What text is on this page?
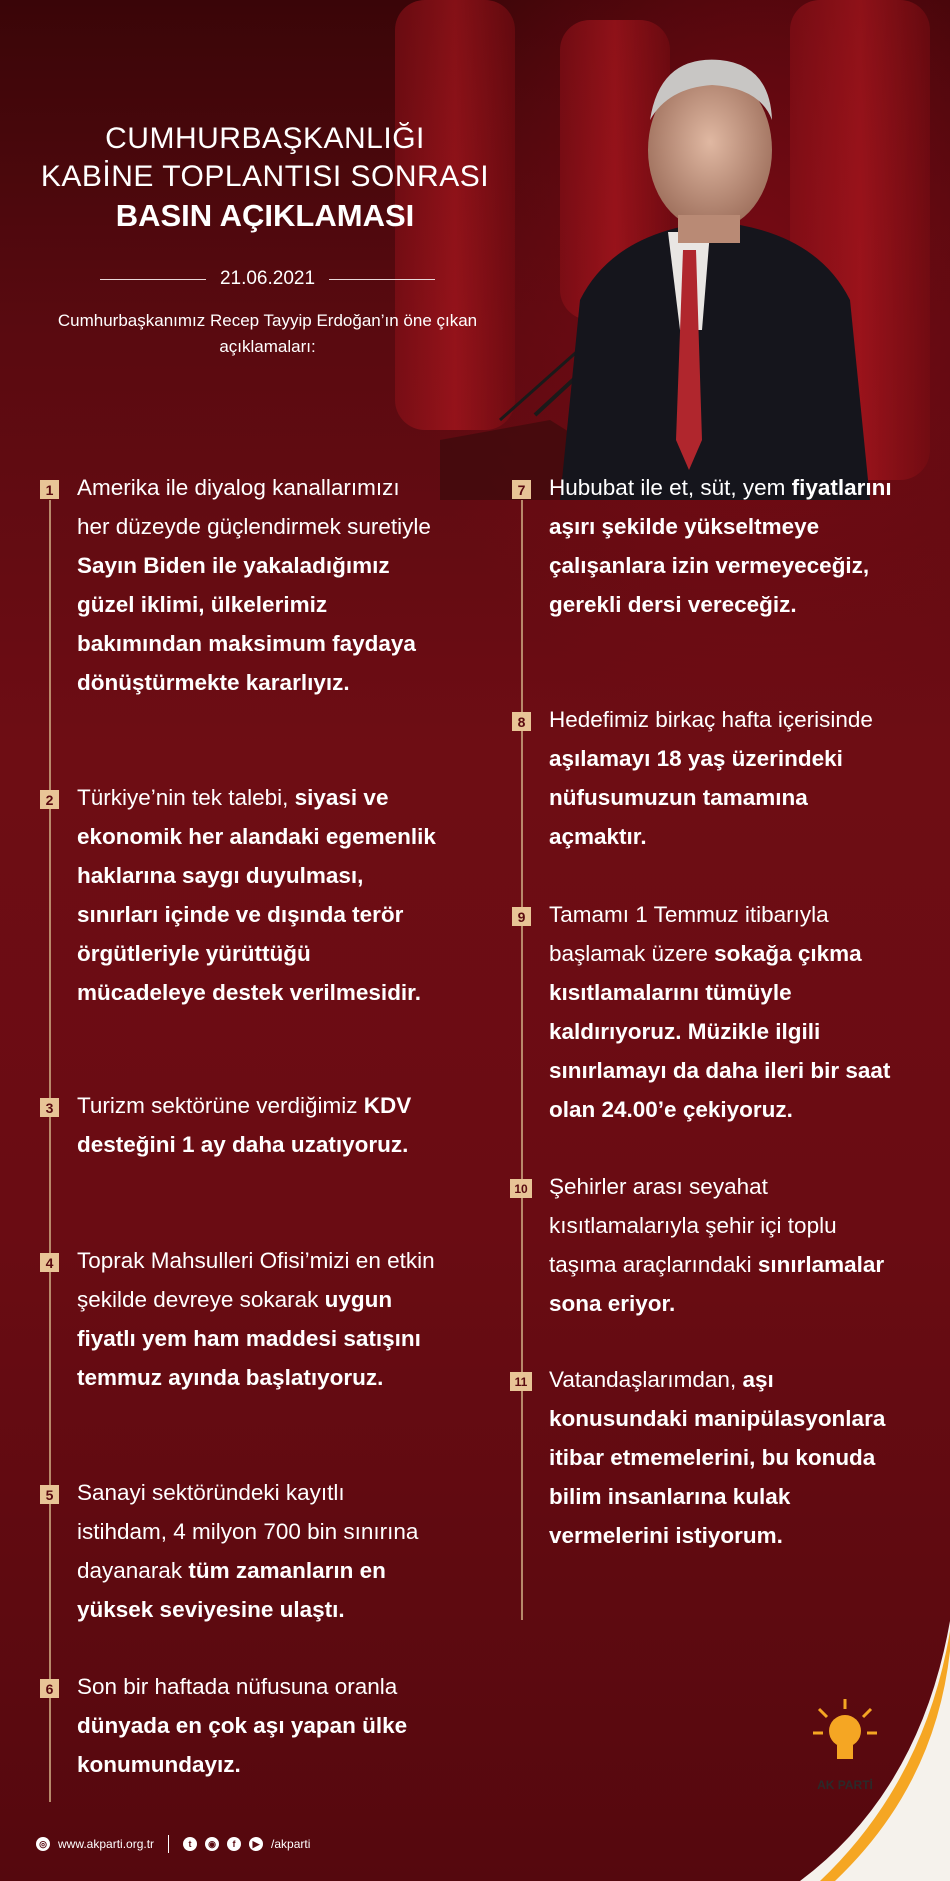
CUMHURBAŞKANLIĞI
KABİNE TOPLANTISI SONRASI
BASIN AÇIKLAMASI
21.06.2021
Cumhurbaşkanımız Recep Tayyip Erdoğan’ın öne çıkan açıklamaları:
1 Amerika ile diyalog kanallarımızı her düzeyde güçlendirmek suretiyle Sayın Biden ile yakaladığımız güzel iklimi, ülkelerimiz bakımından maksimum faydaya dönüştürmekte kararlıyız.
2 Türkiye’nin tek talebi, siyasi ve ekonomik her alandaki egemenlik haklarına saygı duyulması, sınırları içinde ve dışında terör örgütleriyle yürüttüğü mücadeleye destek verilmesidir.
3 Turizm sektörüne verdiğimiz KDV desteğini 1 ay daha uzatıyoruz.
4 Toprak Mahsulleri Ofisi’mizi en etkin şekilde devreye sokarak uygun fiyatlı yem ham maddesi satışını temmuz ayında başlatıyoruz.
5 Sanayi sektöründeki kayıtlı istihdam, 4 milyon 700 bin sınırına dayanarak tüm zamanların en yüksek seviyesine ulaştı.
6 Son bir haftada nüfusuna oranla dünyada en çok aşı yapan ülke konumundayız.
7 Hububat ile et, süt, yem fiyatlarını aşırı şekilde yükseltmeye çalışanlara izin vermeyeceğiz, gerekli dersi vereceğiz.
8 Hedefimiz birkaç hafta içerisinde aşılamayı 18 yaş üzerindeki nüfusumuzun tamamına açmaktır.
9 Tamamı 1 Temmuz itibarıyla başlamak üzere sokağa çıkma kısıtlamalarını tümüyle kaldırıyoruz. Müzikle ilgili sınırlamayı da daha ileri bir saat olan 24.00’e çekiyoruz.
10 Şehirler arası seyahat kısıtlamalarıyla şehir içi toplu taşıma araçlarındaki sınırlamalar sona eriyor.
11 Vatandaşlarımdan, aşı konusundaki manipülasyonlara itibar etmemelerini, bu konuda bilim insanlarına kulak vermelerini istiyorum.
◎ www.akparti.org.tr	t	◉	f	▶ /akparti
AK PARTİ
